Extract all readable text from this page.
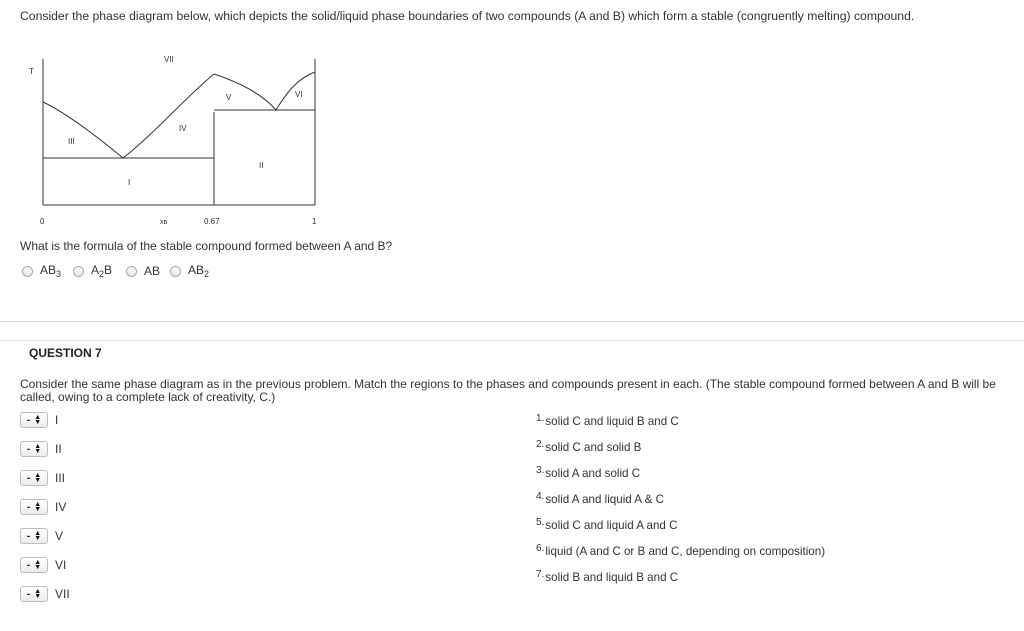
Consider the phase diagram below, which depicts the solid/liquid phase boundaries of two compounds (A and B) which form a stable (congruently melting) compound.
T
VII
V	VI
IV
III
II
I
0	xʙ	0.67	1
What is the formula of the stable compound formed between A and B?
$AB_3$ $A_2B$	AB $AB_2$
QUESTION 7
Consider the same phase diagram as in the previous problem. Match the regions to the phases and compounds present in each. (The stable compound formed between A and B will be
called, owing to a complete lack of creativity, C.)
- ▲
▼ I
- ▲
▼ II
- ▲
▼ III
- ▲
▼ IV
- ▲
▼ V
- ▲
▼ VI
- ▲
▼ VII
1.solid C and liquid B and C
2.solid C and solid B
3.solid A and solid C
4.solid A and liquid A & C
5.solid C and liquid A and C
6.liquid (A and C or B and C, depending on composition)
7.solid B and liquid B and C
